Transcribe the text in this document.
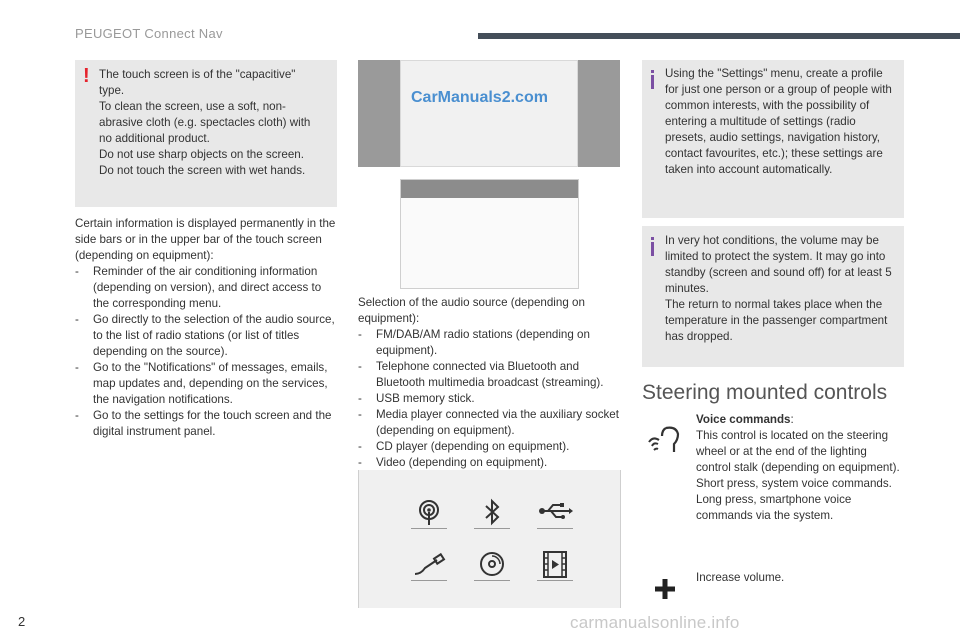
PEUGEOT Connect Nav
! The touch screen is of the "capacitive"

type.

To clean the screen, use a soft, non-

abrasive cloth (e.g. spectacles cloth) with

no additional product.

Do not use sharp objects on the screen.

Do not touch the screen with wet hands.

Certain information is displayed permanently in the side bars or in the upper bar of the touch screen (depending on equipment):

- Reminder of the air conditioning information (depending on version), and direct access to the corresponding menu.
- Go directly to the selection of the audio source, to the list of radio stations (or list of titles depending on the source).
- Go to the "Notifications" of messages, emails, map updates and, depending on the services, the navigation notifications.
- Go to the settings for the touch screen and the digital instrument panel.
CarManuals2.com

Selection of the audio source (depending on equipment):

- FM/DAB/AM radio stations (depending on equipment).
- Telephone connected via Bluetooth and Bluetooth multimedia broadcast (streaming).
- USB memory stick.
- Media player connected via the auxiliary socket (depending on equipment).
- CD player (depending on equipment).
- Video (depending on equipment).

Using the "Settings" menu, create a profile for just one person or a group of people with common interests, with the possibility of entering a multitude of settings (radio presets, audio settings, navigation history, contact favourites, etc.); these settings are taken into account automatically.

In very hot conditions, the volume may be limited to protect the system. It may go into standby (screen and sound off) for at least 5 minutes.

The return to normal takes place when the temperature in the passenger compartment has dropped.

Steering mounted controls

Voice commands:

This control is located on the steering wheel or at the end of the lighting control stalk (depending on equipment).

Short press, system voice commands.

Long press, smartphone voice commands via the system.

Increase volume.
2	carmanualsonline.info
